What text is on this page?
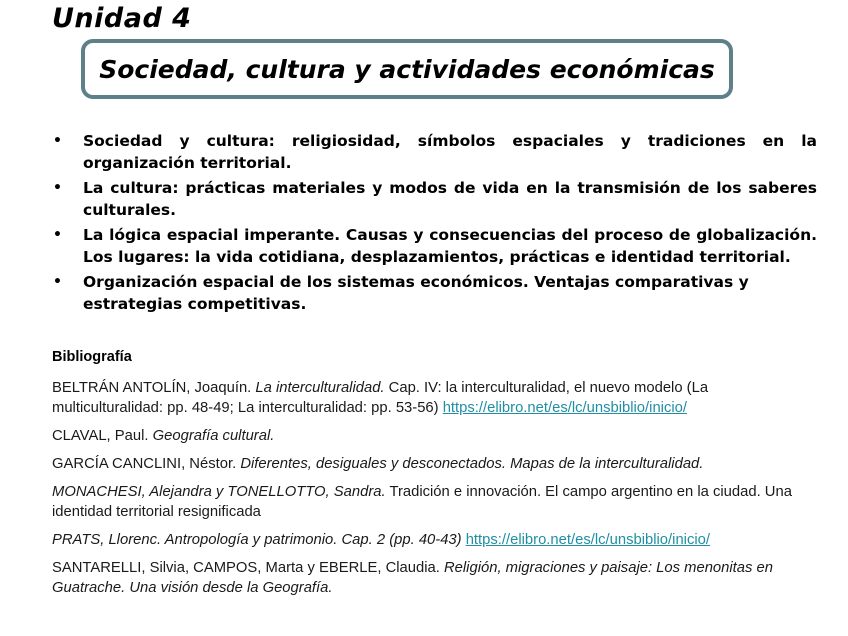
Unidad 4
Sociedad, cultura y actividades económicas
• Sociedad y cultura: religiosidad, símbolos espaciales y tradiciones en la organización territorial.
• La cultura: prácticas materiales y modos de vida en la transmisión de los saberes culturales.
• La lógica espacial imperante. Causas y consecuencias del proceso de globalización. Los lugares: la vida cotidiana, desplazamientos, prácticas e identidad territorial.
• Organización espacial de los sistemas económicos. Ventajas comparativas y estrategias competitivas.
Bibliografía

BELTRÁN ANTOLÍN, Joaquín. La interculturalidad. Cap. IV: la interculturalidad, el nuevo modelo (La multiculturalidad: pp. 48-49; La interculturalidad: pp. 53-56) https://elibro.net/es/lc/unsbiblio/inicio/

CLAVAL, Paul. Geografía cultural.

GARCÍA CANCLINI, Néstor. Diferentes, desiguales y desconectados. Mapas de la interculturalidad.

MONACHESI, Alejandra y TONELLOTTO, Sandra. Tradición e innovación. El campo argentino en la ciudad. Una identidad territorial resignificada

PRATS, Llorenc. Antropología y patrimonio. Cap. 2 (pp. 40-43) https://elibro.net/es/lc/unsbiblio/inicio/

SANTARELLI, Silvia, CAMPOS, Marta y EBERLE, Claudia. Religión, migraciones y paisaje: Los menonitas en Guatrache. Una visión desde la Geografía.
